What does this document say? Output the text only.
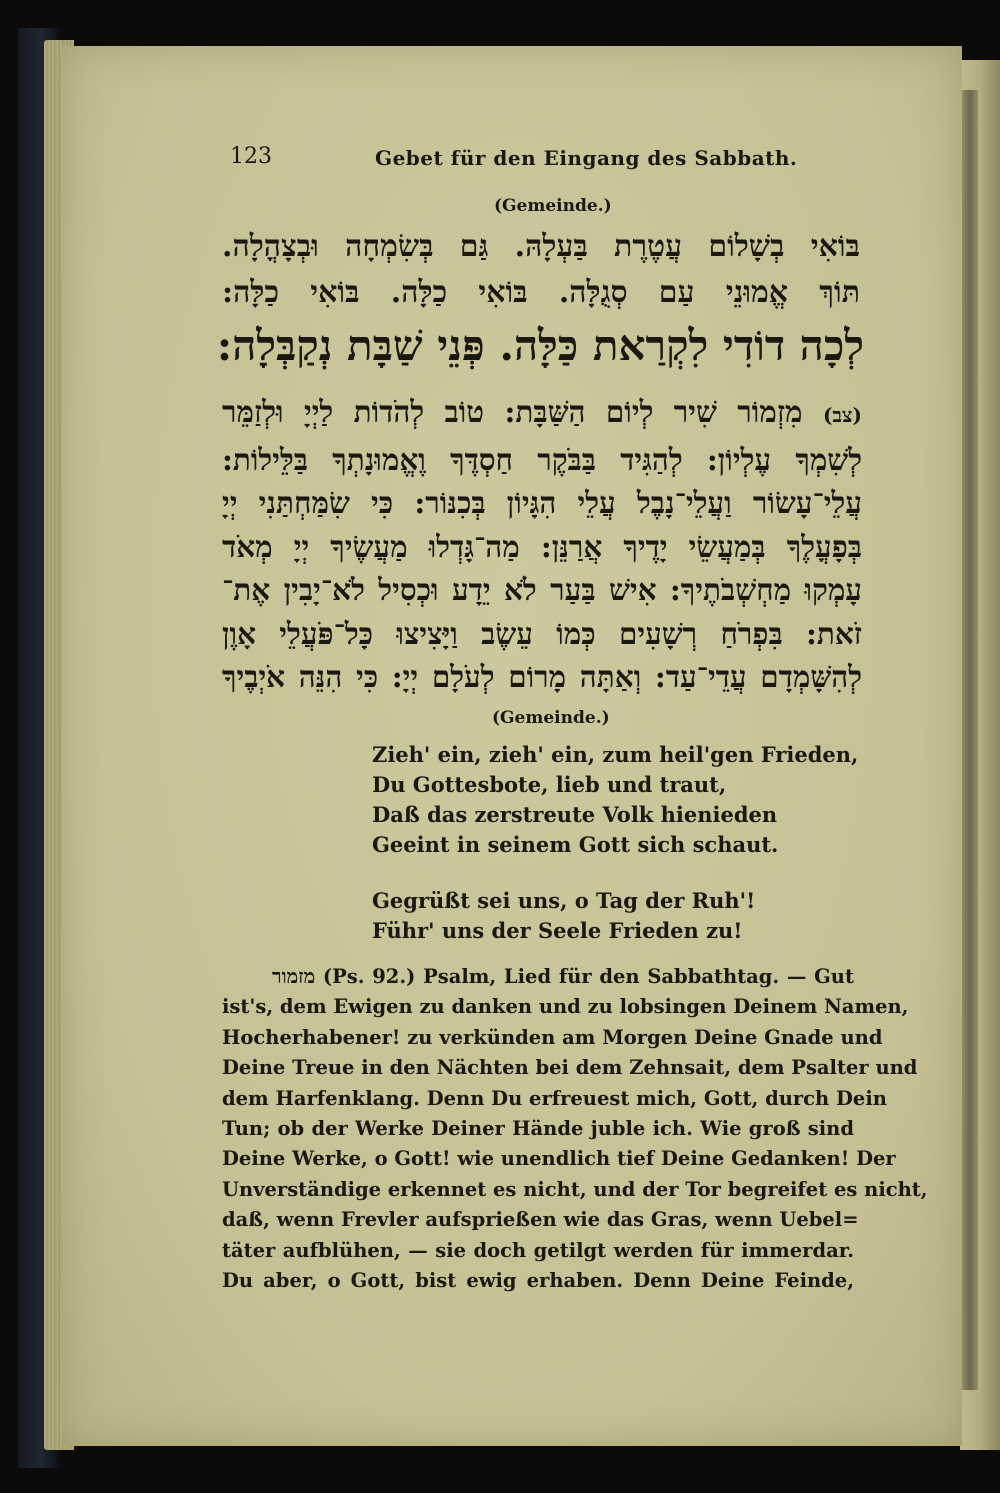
123	Gebet für den Eingang des Sabbath.
(Gemeinde.)
בּוֹאִי בְשָׁלוֹם עֲטֶרֶת בַּעְלָהּ. גַּם בְּשִׂמְחָה וּבְצָהֳלָה.
תּוֹךְ אֱמוּנֵי עַם סְגֻלָּה. בּוֹאִי כַלָּה. בּוֹאִי כַלָּה:
לְכָה דוֹדִי לִקְרַאת כַּלָּה. פְּנֵי שַׁבָּת נְקַבְּלָה:
(צב) מִזְמוֹר שִׁיר לְיוֹם הַשַּׁבָּת: טוֹב לְהֹדוֹת לַיְיָ וּלְזַמֵּר
לְשִׁמְךָ עֶלְיוֹן: לְהַגִּיד בַּבֹּקֶר חַסְדֶּךָ וֶאֱמוּנָתְךָ בַּלֵּילוֹת:
עֲלֵי־עָשׂוֹר וַעֲלֵי־נָבֶל עֲלֵי הִגָּיוֹן בְּכִנּוֹר: כִּי שִׂמַּחְתַּנִי יְיָ
בְּפָעֳלֶךָ בְּמַעֲשֵׂי יָדֶיךָ אֲרַנֵּן: מַה־גָּדְלוּ מַעֲשֶׂיךָ יְיָ מְאֹד
עָמְקוּ מַחְשְׁבֹתֶיךָ: אִישׁ בַּעַר לֹא יֵדָע וּכְסִיל לֹא־יָבִין אֶת־
זֹאת: בִּפְרֹחַ רְשָׁעִים כְּמוֹ עֵשֶׂב וַיָּצִיצוּ כָּל־פֹּעֲלֵי אָוֶן
לְהִשָּׁמְדָם עֲדֵי־עַד: וְאַתָּה מָרוֹם לְעֹלָם יְיָ: כִּי הִנֵּה אֹיְבֶיךָ
(Gemeinde.)
Zieh' ein, zieh' ein, zum heil'gen Frieden,
Du Gottesbote, lieb und traut,
Daß das zerstreute Volk hienieden
Geeint in seinem Gott sich schaut.
Gegrüßt sei uns, o Tag der Ruh'!
Führ' uns der Seele Frieden zu!
מזמור (Ps. 92.) Psalm, Lied für den Sabbathtag. — Gut
ist's, dem Ewigen zu danken und zu lobsingen Deinem Namen,
Hocherhabener! zu verkünden am Morgen Deine Gnade und
Deine Treue in den Nächten bei dem Zehnsait, dem Psalter und
dem Harfenklang. Denn Du erfreuest mich, Gott, durch Dein
Tun; ob der Werke Deiner Hände juble ich. Wie groß sind
Deine Werke, o Gott! wie unendlich tief Deine Gedanken! Der
Unverständige erkennet es nicht, und der Tor begreifet es nicht,
daß, wenn Frevler aufsprießen wie das Gras, wenn Uebel=
täter aufblühen, — sie doch getilgt werden für immerdar.
Du aber, o Gott, bist ewig erhaben. Denn Deine Feinde,
